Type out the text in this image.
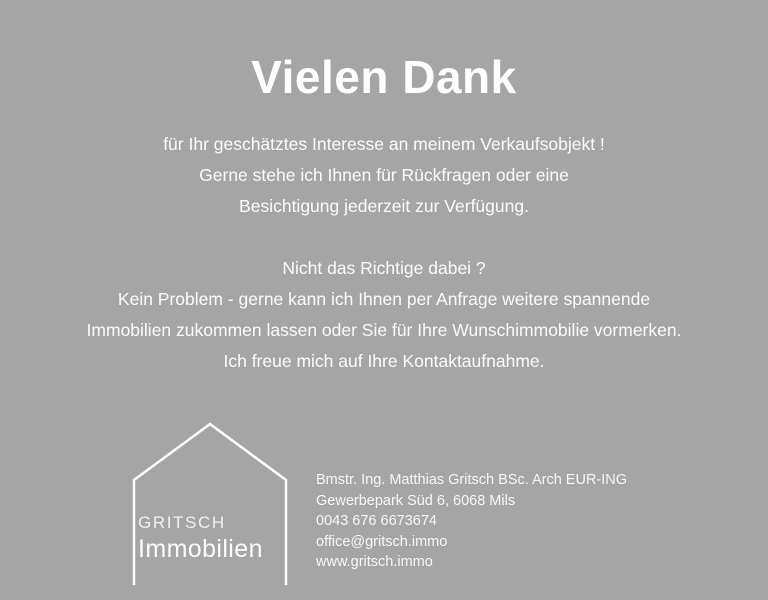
Vielen Dank
für Ihr geschätztes Interesse an meinem Verkaufsobjekt !
Gerne stehe ich Ihnen für Rückfragen oder eine
Besichtigung jederzeit zur Verfügung.
Nicht das Richtige dabei ?
Kein Problem - gerne kann ich Ihnen per Anfrage weitere spannende
Immobilien zukommen lassen oder Sie für Ihre Wunschimmobilie vormerken.
Ich freue mich auf Ihre Kontaktaufnahme.
GRITSCH
Immobilien
Bmstr. Ing. Matthias Gritsch BSc. Arch EUR-ING
Gewerbepark Süd 6, 6068 Mils
0043 676 6673674
office@gritsch.immo
www.gritsch.immo
